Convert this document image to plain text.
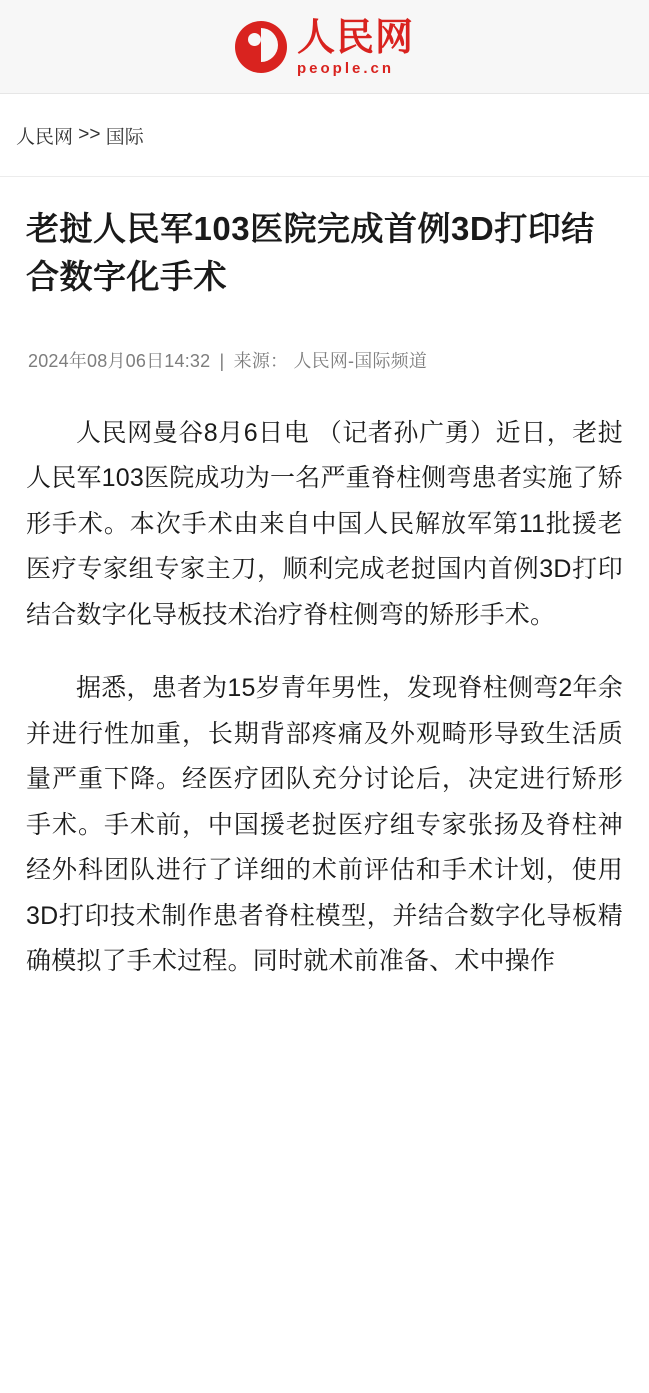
人民网
people.cn
人民网 >> 国际
老挝人民军103医院完成首例3D打印结合数字化手术
2024年08月06日14:32 | 来源： 人民网-国际频道

人民网曼谷8月6日电 （记者孙广勇）近日，老挝人民军103医院成功为一名严重脊柱侧弯患者实施了矫形手术。本次手术由来自中国人民解放军第11批援老医疗专家组专家主刀，顺利完成老挝国内首例3D打印结合数字化导板技术治疗脊柱侧弯的矫形手术。

据悉，患者为15岁青年男性，发现脊柱侧弯2年余并进行性加重，长期背部疼痛及外观畸形导致生活质量严重下降。经医疗团队充分讨论后，决定进行矫形手术。手术前，中国援老挝医疗组专家张扬及脊柱神经外科团队进行了详细的术前评估和手术计划，使用3D打印技术制作患者脊柱模型，并结合数字化导板精确模拟了手术过程。同时就术前准备、术中操作
